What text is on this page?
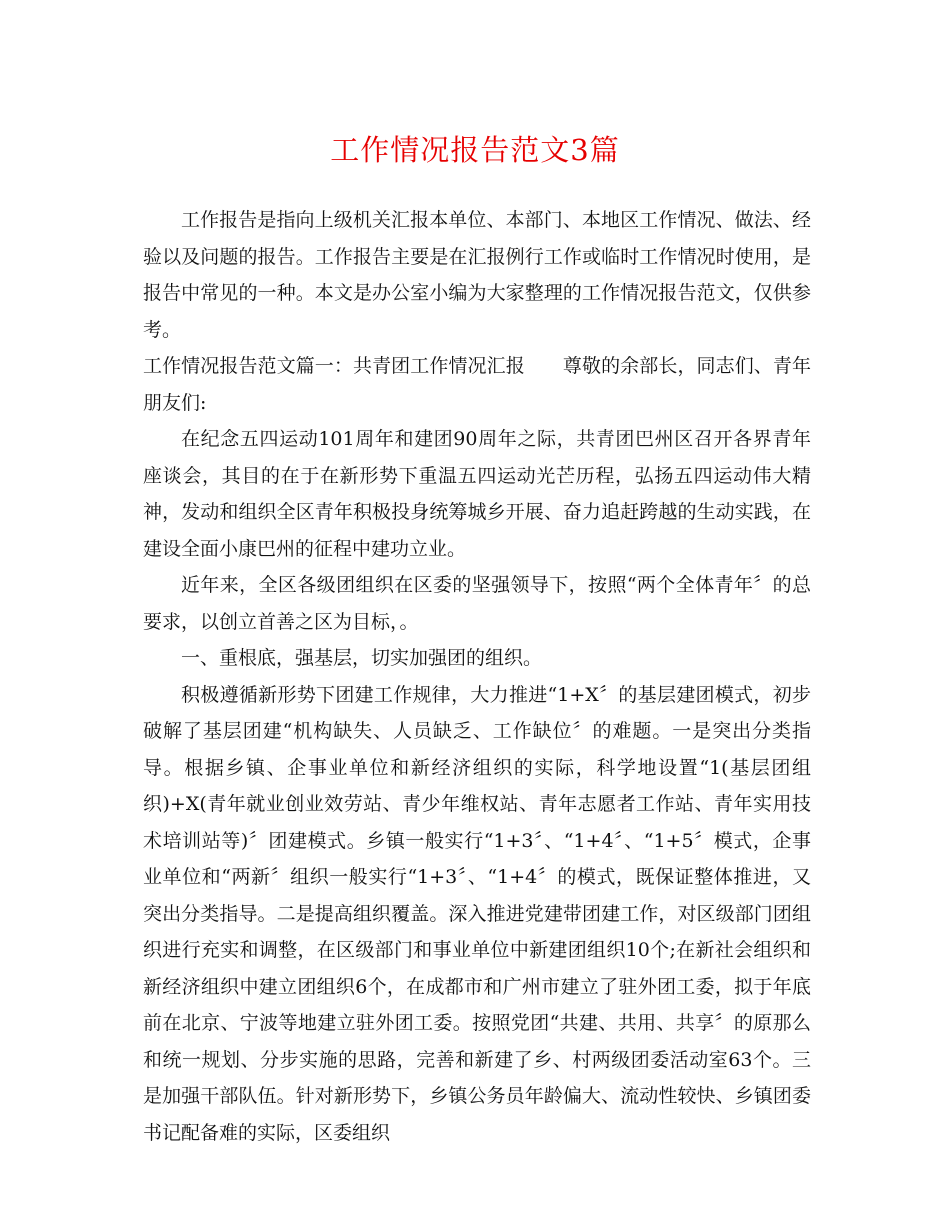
工作情况报告范文3篇

工作报告是指向上级机关汇报本单位、本部门、本地区工作情况、做法、经验以及问题的报告。工作报告主要是在汇报例行工作或临时工作情况时使用，是报告中常见的一种。本文是办公室小编为大家整理的工作情况报告范文，仅供参考。

工作情况报告范文篇一：共青团工作情况汇报 尊敬的余部长，同志们、青年朋友们:

在纪念五四运动101周年和建团90周年之际，共青团巴州区召开各界青年座谈会，其目的在于在新形势下重温五四运动光芒历程，弘扬五四运动伟大精神，发动和组织全区青年积极投身统筹城乡开展、奋力追赶跨越的生动实践，在建设全面小康巴州的征程中建功立业。

近年来，全区各级团组织在区委的坚强领导下，按照“两个全体青年〞的总要求，以创立首善之区为目标，。

一、重根底，强基层，切实加强团的组织。

积极遵循新形势下团建工作规律，大力推进“1+X〞的基层建团模式，初步破解了基层团建“机构缺失、人员缺乏、工作缺位〞的难题。一是突出分类指导。根据乡镇、企事业单位和新经济组织的实际，科学地设置“1(基层团组织)+X(青年就业创业效劳站、青少年维权站、青年志愿者工作站、青年实用技术培训站等)〞团建模式。乡镇一般实行“1+3〞、“1+4〞、“1+5〞模式，企事业单位和“两新〞组织一般实行“1+3〞、“1+4〞的模式，既保证整体推进，又突出分类指导。二是提高组织覆盖。深入推进党建带团建工作，对区级部门团组织进行充实和调整，在区级部门和事业单位中新建团组织10个;在新社会组织和新经济组织中建立团组织6个，在成都市和广州市建立了驻外团工委，拟于年底前在北京、宁波等地建立驻外团工委。按照党团“共建、共用、共享〞的原那么和统一规划、分步实施的思路，完善和新建了乡、村两级团委活动室63个。三是加强干部队伍。针对新形势下，乡镇公务员年龄偏大、流动性较快、乡镇团委书记配备难的实际，区委组织
